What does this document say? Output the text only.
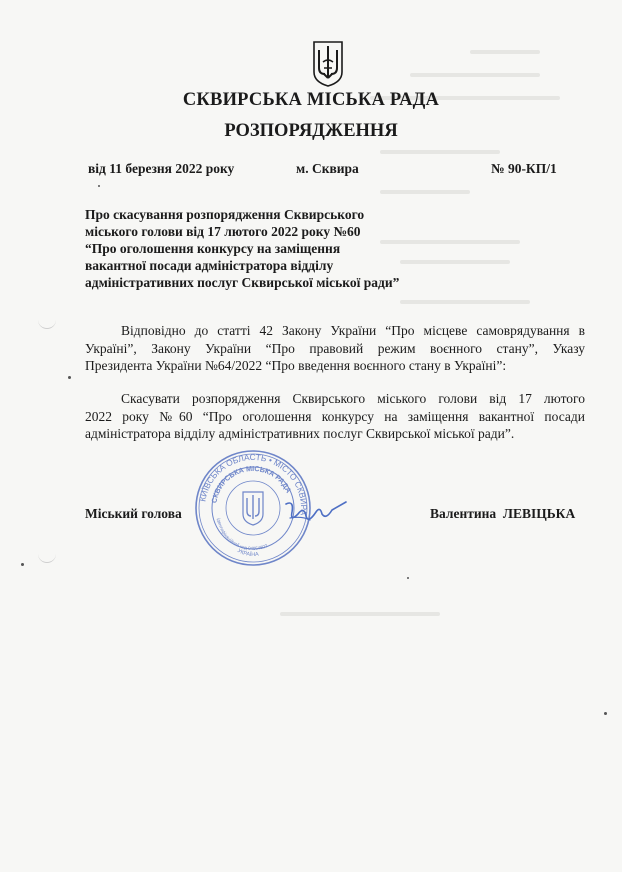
СКВИРСЬКА МІСЬКА РАДА
РОЗПОРЯДЖЕННЯ
від 11 березня 2022 року	м. Сквира	№ 90-КП/1
Про скасування розпорядження Сквирського
міського голови від 17 лютого 2022 року №60
“Про оголошення конкурсу на заміщення
вакантної посади адміністратора відділу
адміністративних послуг Сквирської міської ради”
Відповідно до статті 42 Закону України “Про місцеве самоврядування в
Україні”, Закону України “Про правовий режим воєнного стану”, Указу
Президента України №64/2022 “Про введення воєнного стану в Україні”:
Скасувати розпорядження Сквирського міського голови від 17 лютого
2022 року №60 “Про оголошення конкурсу на заміщення вакантної посади
адміністратора відділу адміністративних послуг Сквирської міської ради”.
КИЇВСЬКА ОБЛАСТЬ • МІСТО СКВИРА
СКВИРСЬКА МІСЬКА РАДА
ідентифікаційний код 04054602
УКРАЇНА
Міський голова	Валентина  ЛЕВІЦЬКА
